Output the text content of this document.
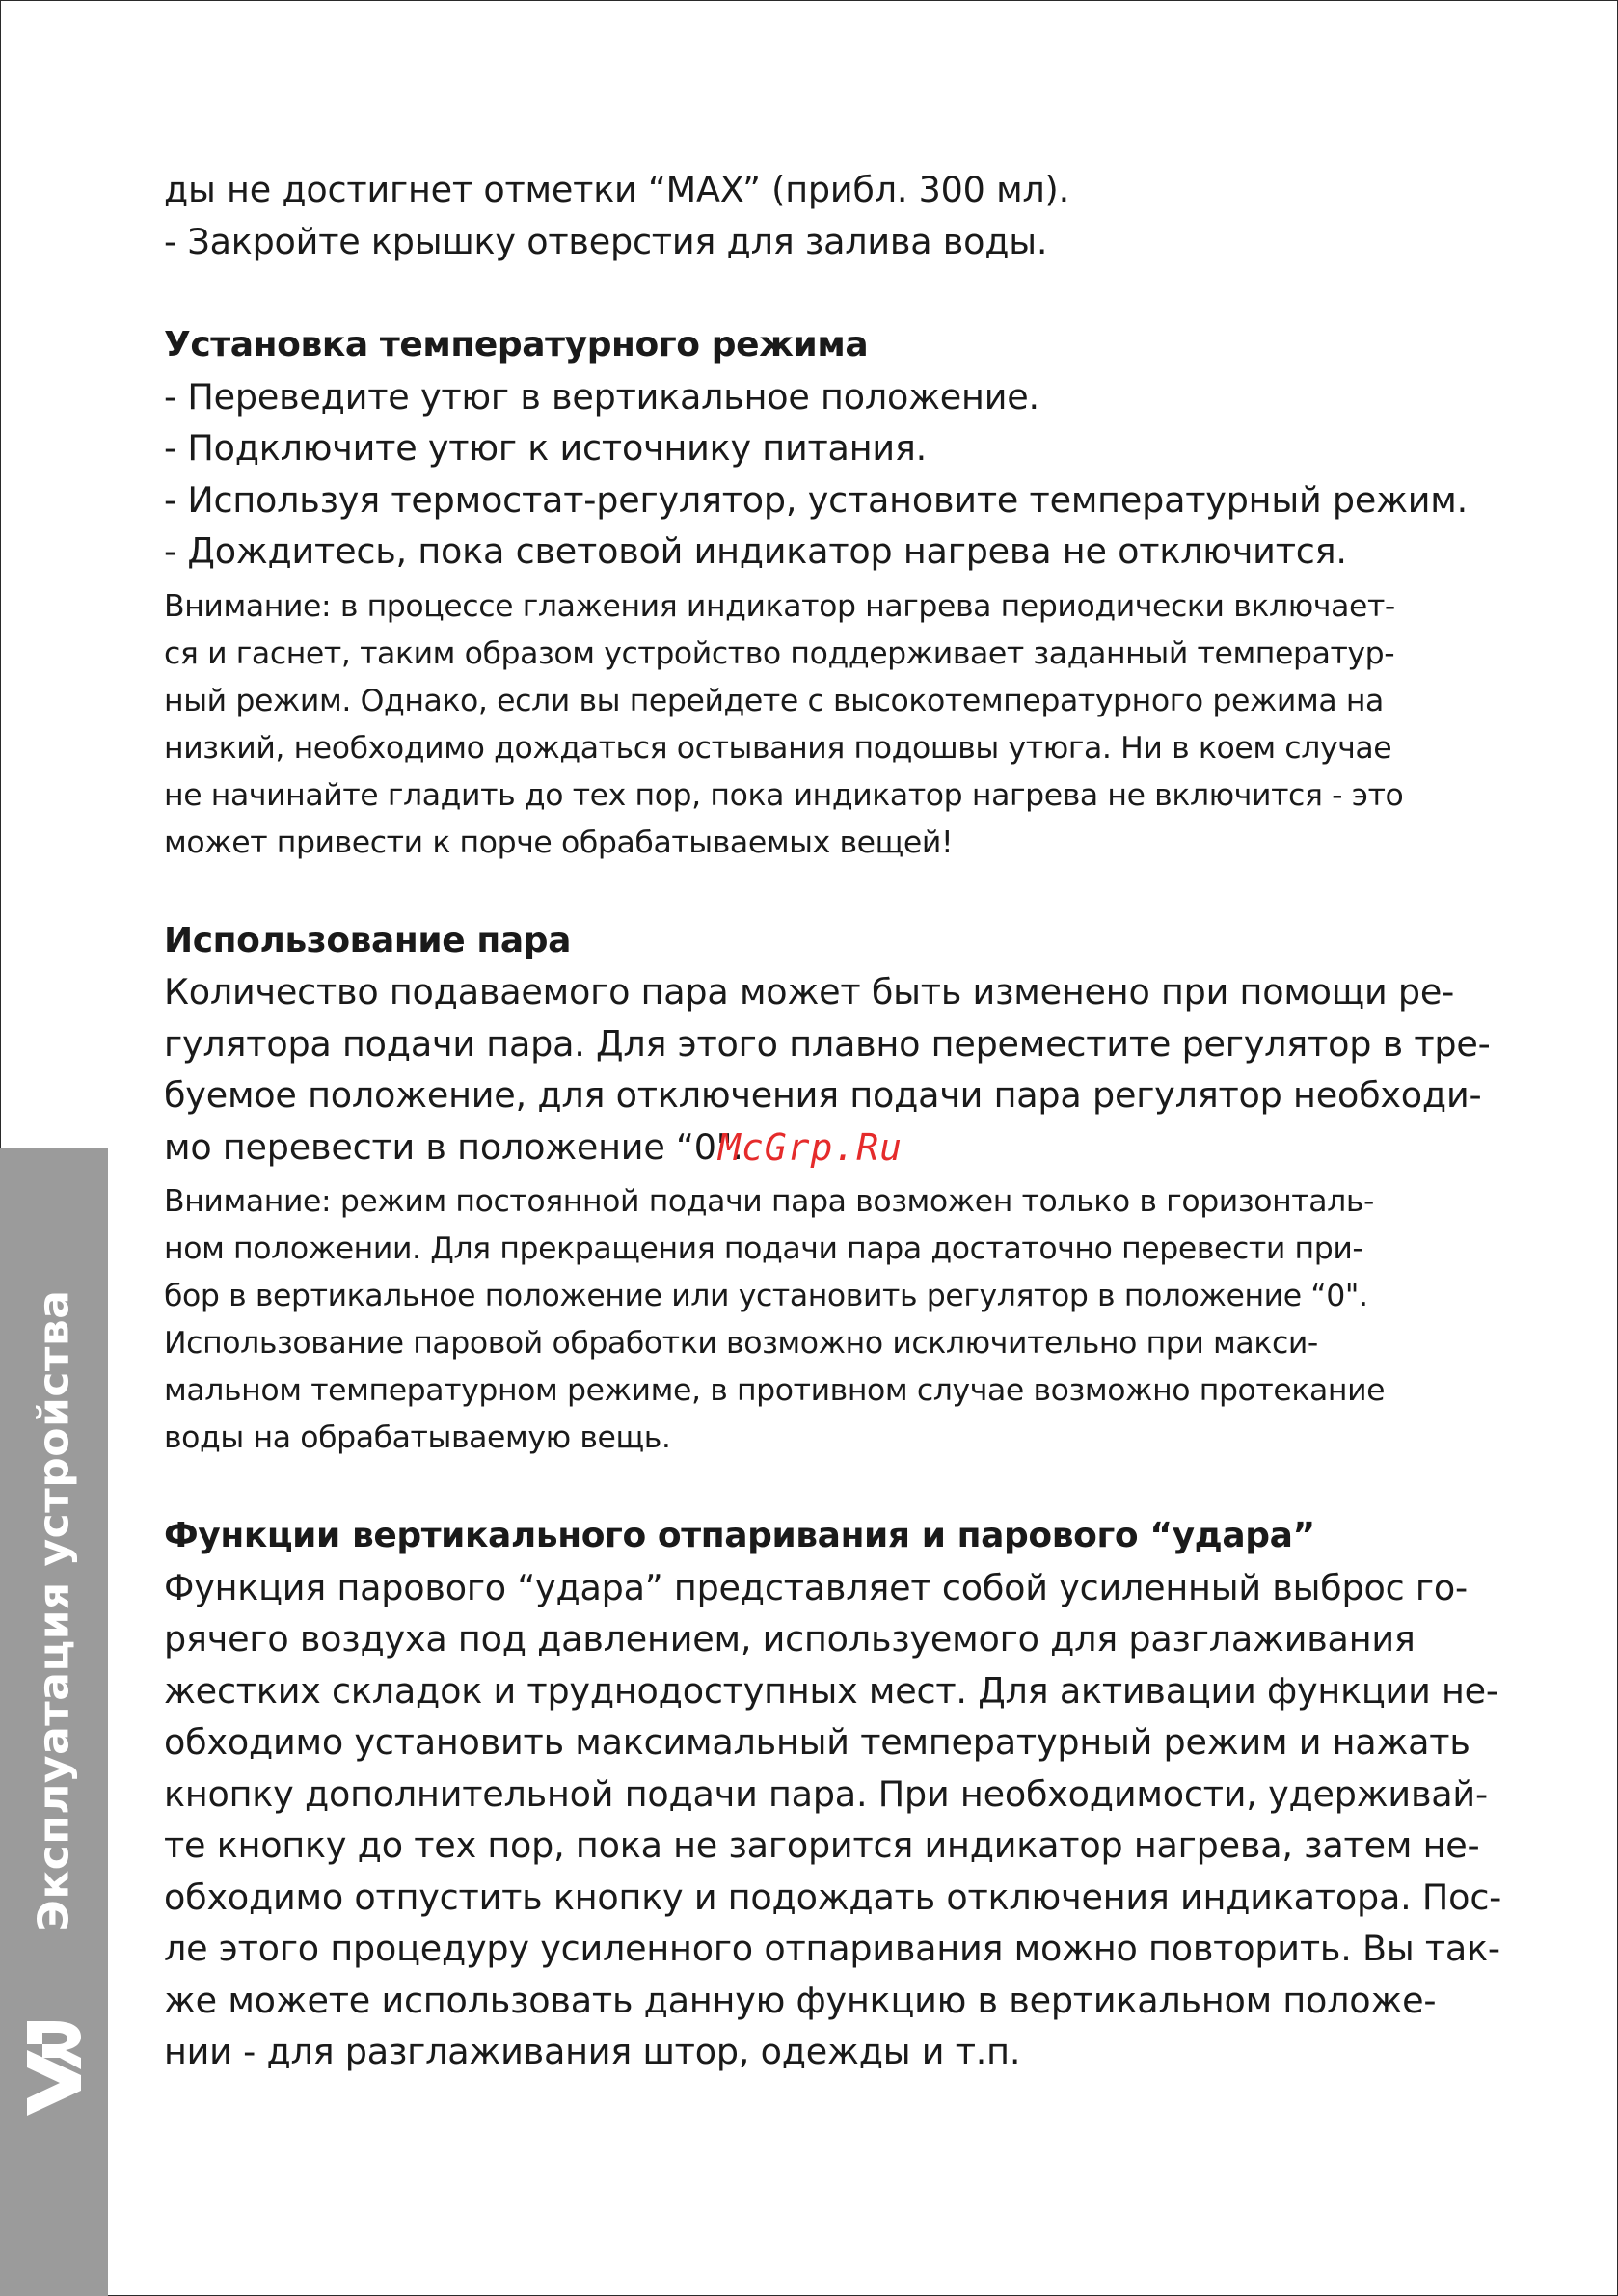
Эксплуатация устройства
ды не достигнет отметки “MAX” (прибл. 300 мл).
- Закройте крышку отверстия для залива воды.
Установка температурного режима
- Переведите утюг в вертикальное положение.
- Подключите утюг к источнику питания.
- Используя термостат-регулятор, установите температурный режим.
- Дождитесь, пока световой индикатор нагрева не отключится.
Внимание: в процессе глажения индикатор нагрева периодически включает-
ся и гаснет, таким образом устройство поддерживает заданный температур-
ный режим. Однако, если вы перейдете с высокотемпературного режима на
низкий, необходимо дождаться остывания подошвы утюга. Ни в коем случае
не начинайте гладить до тех пор, пока индикатор нагрева не включится - это
может привести к порче обрабатываемых вещей!
Использование пара
Количество подаваемого пара может быть изменено при помощи ре-
гулятора подачи пара. Для этого плавно переместите регулятор в тре-
буемое положение, для отключения подачи пара регулятор необходи-
мо перевести в положение “0".
Внимание: режим постоянной подачи пара возможен только в горизонталь-
ном положении. Для прекращения подачи пара достаточно перевести при-
бор в вертикальное положение или установить регулятор в положение “0".
Использование паровой обработки возможно исключительно при макси-
мальном температурном режиме, в противном случае возможно протекание
воды на обрабатываемую вещь.
Функции вертикального отпаривания и парового “удара”
Функция парового “удара” представляет собой усиленный выброс го-
рячего воздуха под давлением, используемого для разглаживания
жестких складок и труднодоступных мест. Для активации функции не-
обходимо установить максимальный температурный режим и нажать
кнопку дополнительной подачи пара. При необходимости, удерживай-
те кнопку до тех пор, пока не загорится индикатор нагрева, затем не-
обходимо отпустить кнопку и подождать отключения индикатора. Пос-
ле этого процедуру усиленного отпаривания можно повторить. Вы так-
же можете использовать данную функцию в вертикальном положе-
нии - для разглаживания штор, одежды и т.п.
McGrp.Ru
